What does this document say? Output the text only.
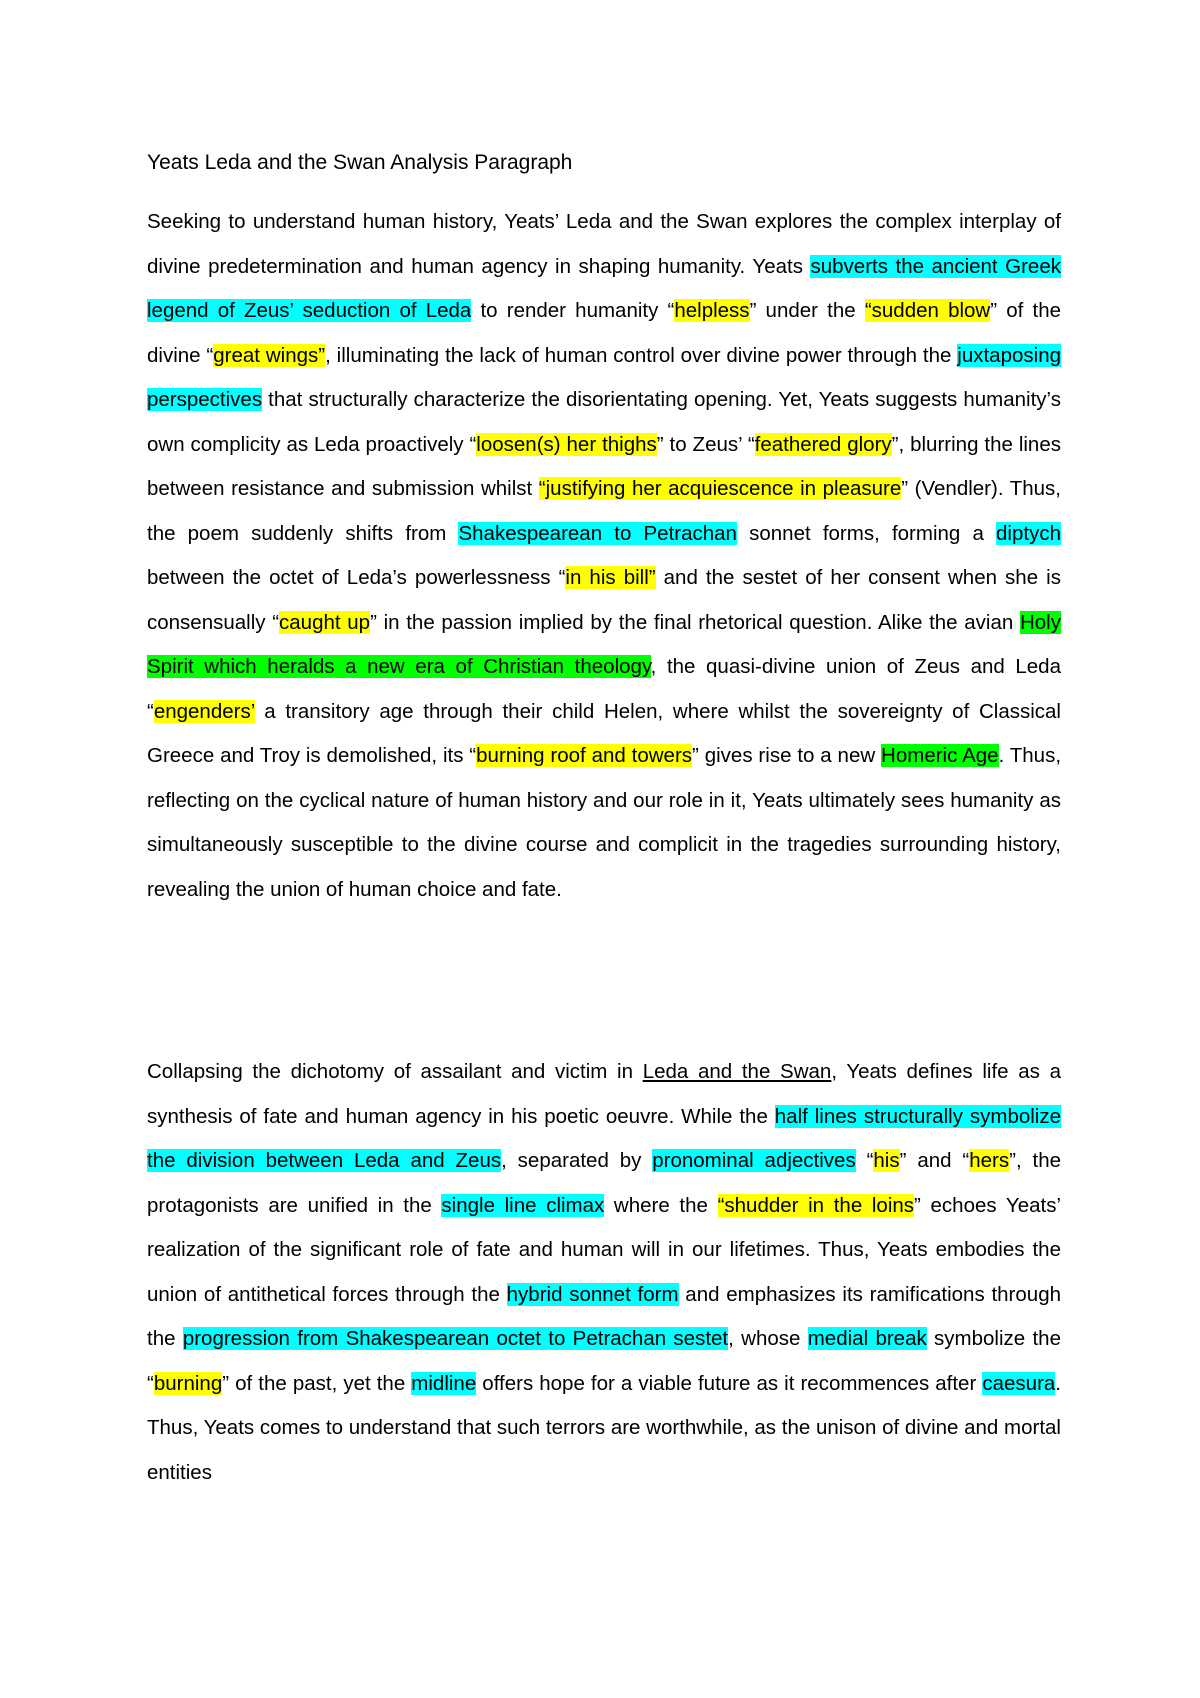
Yeats Leda and the Swan Analysis Paragraph

Seeking to understand human history, Yeats’ Leda and the Swan explores the complex interplay of divine predetermination and human agency in shaping humanity. Yeats subverts the ancient Greek legend of Zeus’ seduction of Leda to render humanity “helpless” under the “sudden blow” of the divine “great wings”, illuminating the lack of human control over divine power through the juxtaposing perspectives that structurally characterize the disorientating opening. Yet, Yeats suggests humanity’s own complicity as Leda proactively “loosen(s) her thighs” to Zeus’ “feathered glory”, blurring the lines between resistance and submission whilst “justifying her acquiescence in pleasure” (Vendler). Thus, the poem suddenly shifts from Shakespearean to Petrachan sonnet forms, forming a diptych between the octet of Leda’s powerlessness “in his bill” and the sestet of her consent when she is consensually “caught up” in the passion implied by the final rhetorical question. Alike the avian Holy Spirit which heralds a new era of Christian theology, the quasi-divine union of Zeus and Leda “engenders’ a transitory age through their child Helen, where whilst the sovereignty of Classical Greece and Troy is demolished, its “burning roof and towers” gives rise to a new Homeric Age. Thus, reflecting on the cyclical nature of human history and our role in it, Yeats ultimately sees humanity as simultaneously susceptible to the divine course and complicit in the tragedies surrounding history, revealing the union of human choice and fate.

Collapsing the dichotomy of assailant and victim in Leda and the Swan, Yeats defines life as a synthesis of fate and human agency in his poetic oeuvre. While the half lines structurally symbolize the division between Leda and Zeus, separated by pronominal adjectives “his” and “hers”, the protagonists are unified in the single line climax where the “shudder in the loins” echoes Yeats’ realization of the significant role of fate and human will in our lifetimes. Thus, Yeats embodies the union of antithetical forces through the hybrid sonnet form and emphasizes its ramifications through the progression from Shakespearean octet to Petrachan sestet, whose medial break symbolize the “burning” of the past, yet the midline offers hope for a viable future as it recommences after caesura. Thus, Yeats comes to understand that such terrors are worthwhile, as the unison of divine and mortal entities
